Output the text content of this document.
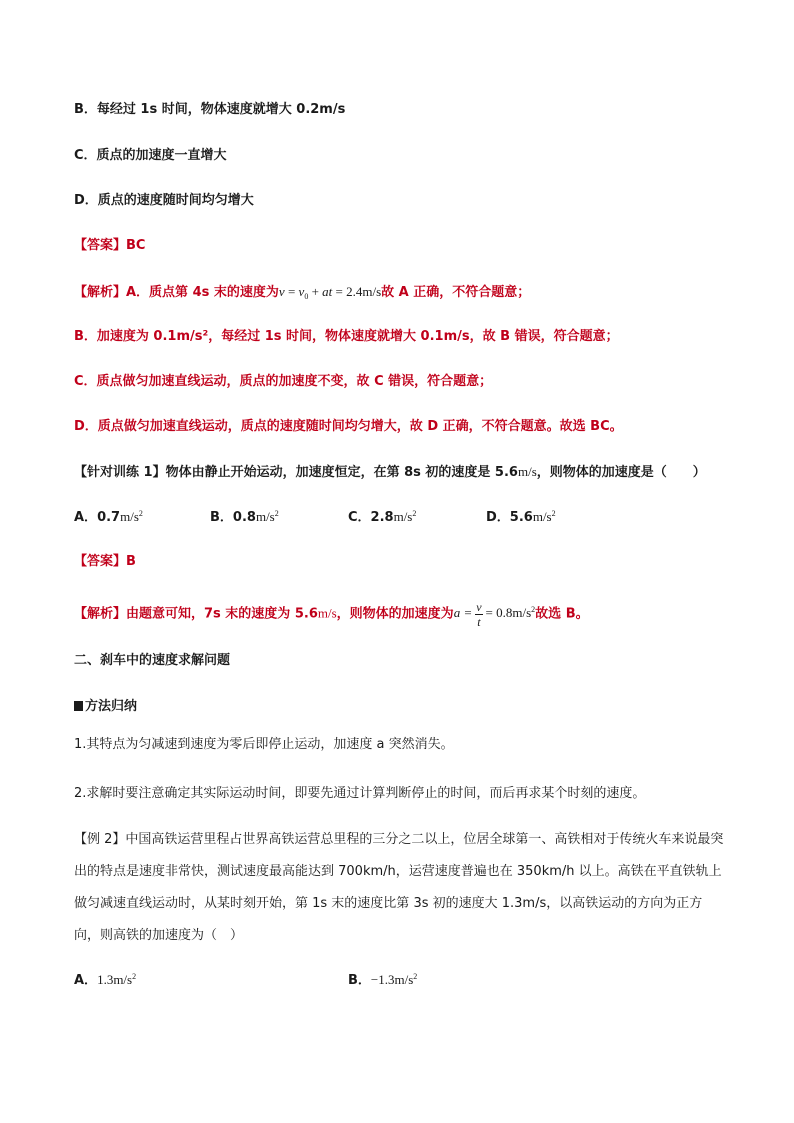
B．每经过 1s 时间，物体速度就增大 0.2m/s
C．质点的加速度一直增大
D．质点的速度随时间均匀增大
【答案】BC
【解析】A．质点第 4s 末的速度为$v = v_0$ + at = 2.4m/s故 A 正确，不符合题意；
B．加速度为 0.1m/s²，每经过 1s 时间，物体速度就增大 0.1m/s，故 B 错误，符合题意；
C．质点做匀加速直线运动，质点的加速度不变，故 C 错误，符合题意；
D．质点做匀加速直线运动，质点的速度随时间均匀增大，故 D 正确，不符合题意。故选 BC。
【针对训练 1】物体由静止开始运动，加速度恒定，在第 8s 初的速度是 5.6m/s，则物体的加速度是（　　）
A．$0.7m/s^2$	B．$0.8m/s^2$	C．$2.8m/s^2$	D．$5.6m/s^2$
【答案】B
【解析】由题意可知，7s 末的速度为 5.6m/s，则物体的加速度为$a = \frac{v}{t} = 0.8m/s^2$故选 B。
二、刹车中的速度求解问题
方法归纳
1.其特点为匀减速到速度为零后即停止运动，加速度 a 突然消失。
2.求解时要注意确定其实际运动时间，即要先通过计算判断停止的时间，而后再求某个时刻的速度。
【例 2】中国高铁运营里程占世界高铁运营总里程的三分之二以上，位居全球第一、高铁相对于传统火车来说最突出的特点是速度非常快，测试速度最高能达到 700km/h，运营速度普遍也在 350km/h 以上。高铁在平直铁轨上做匀减速直线运动时，从某时刻开始，第 1s 末的速度比第 3s 初的速度大 1.3m/s，以高铁运动的方向为正方向，则高铁的加速度为（　）
A．$1.3m/s^2$	B．$-1.3m/s^2$
